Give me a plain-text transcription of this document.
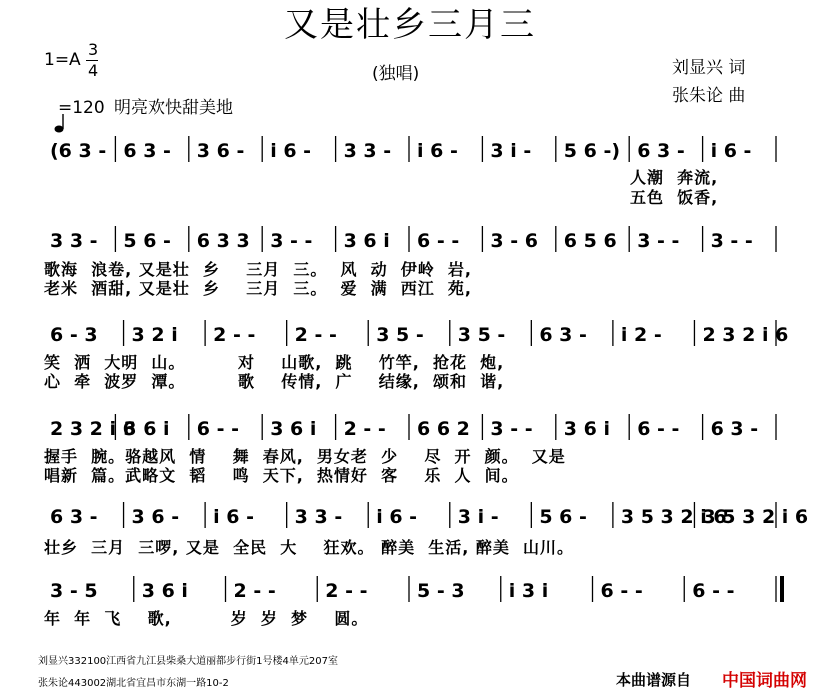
又是壮乡三月三
1=A
3
4	(独唱)	刘显兴 词
张朱论 曲

=120 明亮欢快甜美地
(6 3 - 6 3 - 3 6 - i 6 - 3 3 - i 6 - 3 i - 5 6 -) 6 3 - i 6 -
3 3 - 5 6 - 6 3 3 3 - - 3 6 i 6 - - 3 - 6 6 5 6 3 - - 3 - -
6 - 3 3 2 i 2 - - 2 - - 3 5 - 3 5 - 6 3 - i 2 - 2 3 2 i 6
2 3 2 i 6
3 6 i 6 - - 3 6 i 2 - - 6 6 2 3 - - 3 6 i 6 - - 6 3 -
6 3 - 3 6 - i 6 - 3 3 - i 6 - 3 i - 5 6 - 3 5 3 2 i 6
3 5 3 2 i 6
3 - 5 3 6 i 2 - -	2 - -	5 - 3 i 3 i	6 - -	6 - -
人潮  奔流,
五色  饭香,
歌海  浪卷, 又是壮  乡    三月  三。  风  动  伊岭  岩,
老米  酒甜, 又是壮  乡    三月  三。  爱  满  西江  苑,
笑  洒  大明  山。        对    山歌,  跳    竹竿,  抢花  炮,
心  牵  波罗  潭。        歌    传情,  广    结缘,  颂和  谐,
握手  腕。骆越风  情    舞  春风,  男女老  少    尽  开  颜。  又是
唱新  篇。武略文  韬    鸣  天下,  热情好  客    乐  人  间。
壮乡  三月  三啰, 又是  全民  大    狂欢。 醉美  生活, 醉美  山川。
年  年  飞    歌,         岁  岁  梦    圆。
刘显兴332100江西省九江县柴桑大道丽都步行街1号楼4单元207室
张朱论443002湖北省宜昌市东湖一路10-2	本曲谱源自 中国词曲网
